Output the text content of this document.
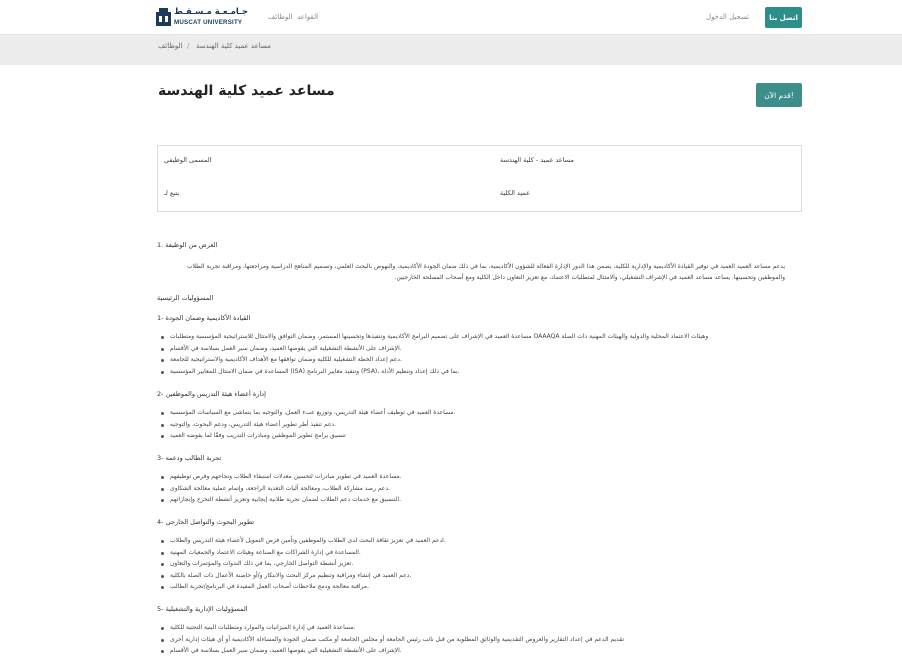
جـامـعـة مـسـقـط
MUSCAT UNIVERSITY
الوظائف القواعد	تسجيل الدخول	اتصل بنا
الوظائف / مساعد عميد كلية الهندسة
مساعد عميد كلية الهندسة	قدم الآن!
المسمى الوظيفي	مساعد عميد - كلية الهندسة
يتبع لـ	عميد الكلية
1. الغرض من الوظيفة
يدعم مساعد العميد العميد في توفير القيادة الأكاديمية والإدارية للكلية، يضمن هذا الدور الإدارة الفعالة للشؤون الأكاديمية، بما في ذلك ضمان الجودة الأكاديمية، والنهوض بالبحث العلمي، وتصميم المناهج الدراسية ومراجعتها، ومراقبة تجربة الطلاب
والموظفين وتحسينها. يساعد مساعد العميد في الإشراف التشغيلي، والامتثال لمتطلبات الاعتماد، مع تعزيز التعاون داخل الكلية ومع أصحاب المصلحة الخارجيين.
المسؤوليات الرئيسية
1- القيادة الأكاديمية وضمان الجودة
مساعدة العميد في الإشراف على تصميم البرامج الأكاديمية وتنفيذها وتحسينها المستمر، وضمان التوافق والامتثال للاستراتيجية المؤسسية ومتطلبات OAAAQA وهيئات الاعتماد المحلية والدولية والهيئات المهنية ذات الصلة
الإشراف على الأنشطة التشغيلية التي يفوضها العميد، وضمان سير العمل بسلاسة في الأقسام.
دعم إعداد الخطة التشغيلية للكلية وضمان توافقها مع الأهداف الأكاديمية والاستراتيجية للجامعة.
المساعدة في ضمان الامتثال للمعايير المؤسسية (ISA) وتنفيذ معايير البرنامج (PSA)، بما في ذلك إعداد وتنظيم الأدلة.
2- إدارة أعضاء هيئة التدريس والموظفين
مساعدة العميد في توظيف أعضاء هيئة التدريس، وتوزيع عبء العمل، والتوجيه بما يتماشى مع السياسات المؤسسية.
دعم تنفيذ أطر تطوير أعضاء هيئة التدريس، ودعم البحوث، والتوجيه.
تنسيق برامج تطوير الموظفين ومبادرات التدريب وفقًا لما يفوضه العميد
3- تجربة الطالب ودعمه
مساعدة العميد في تطوير مبادرات لتحسين معدلات استبقاء الطلاب ونجاحهم وفرص توظيفهم.
دعم رصد مشاركة الطلاب، ومعالجة آليات التغذية الراجعة، وإتمام عملية معالجة الشكاوى.
التنسيق مع خدمات دعم الطلاب لضمان تجربة طلابية إيجابية وتعزيز أنشطة التخرج وإنجازاتهم.
4- تطوير البحوث والتواصل الخارجي
ادعم العميد في تعزيز ثقافة البحث لدى الطلاب والموظفين وتأمين فرص التمويل لأعضاء هيئة التدريس والطلاب.
المساعدة في إدارة الشراكات مع الصناعة وهيئات الاعتماد والجمعيات المهنية.
تعزيز أنشطة التواصل الخارجي، بما في ذلك الندوات والمؤتمرات والتعاون.
دعم العميد في إنشاء ومراقبة وتنظيم مركز البحث والابتكار و/أو حاضنة الأعمال ذات الصلة بالكلية.
مراقبة معالجة ودمج ملاحظات أصحاب العمل المفيدة في البرنامج/تجربة الطالب.
5- المسؤوليات الإدارية والتشغيلية
مساعدة العميد في إدارة الميزانيات والموارد ومتطلبات البنية التحتية للكلية.
تقديم الدعم في إعداد التقارير والعروض التقديمية والوثائق المطلوبة من قبل نائب رئيس الجامعة أو مجلس الجامعة أو مكتب ضمان الجودة والمساءلة الأكاديمية أو أي هيئات إدارية أخرى
الإشراف على الأنشطة التشغيلية التي يفوضها العميد، وضمان سير العمل بسلاسة في الأقسام.
